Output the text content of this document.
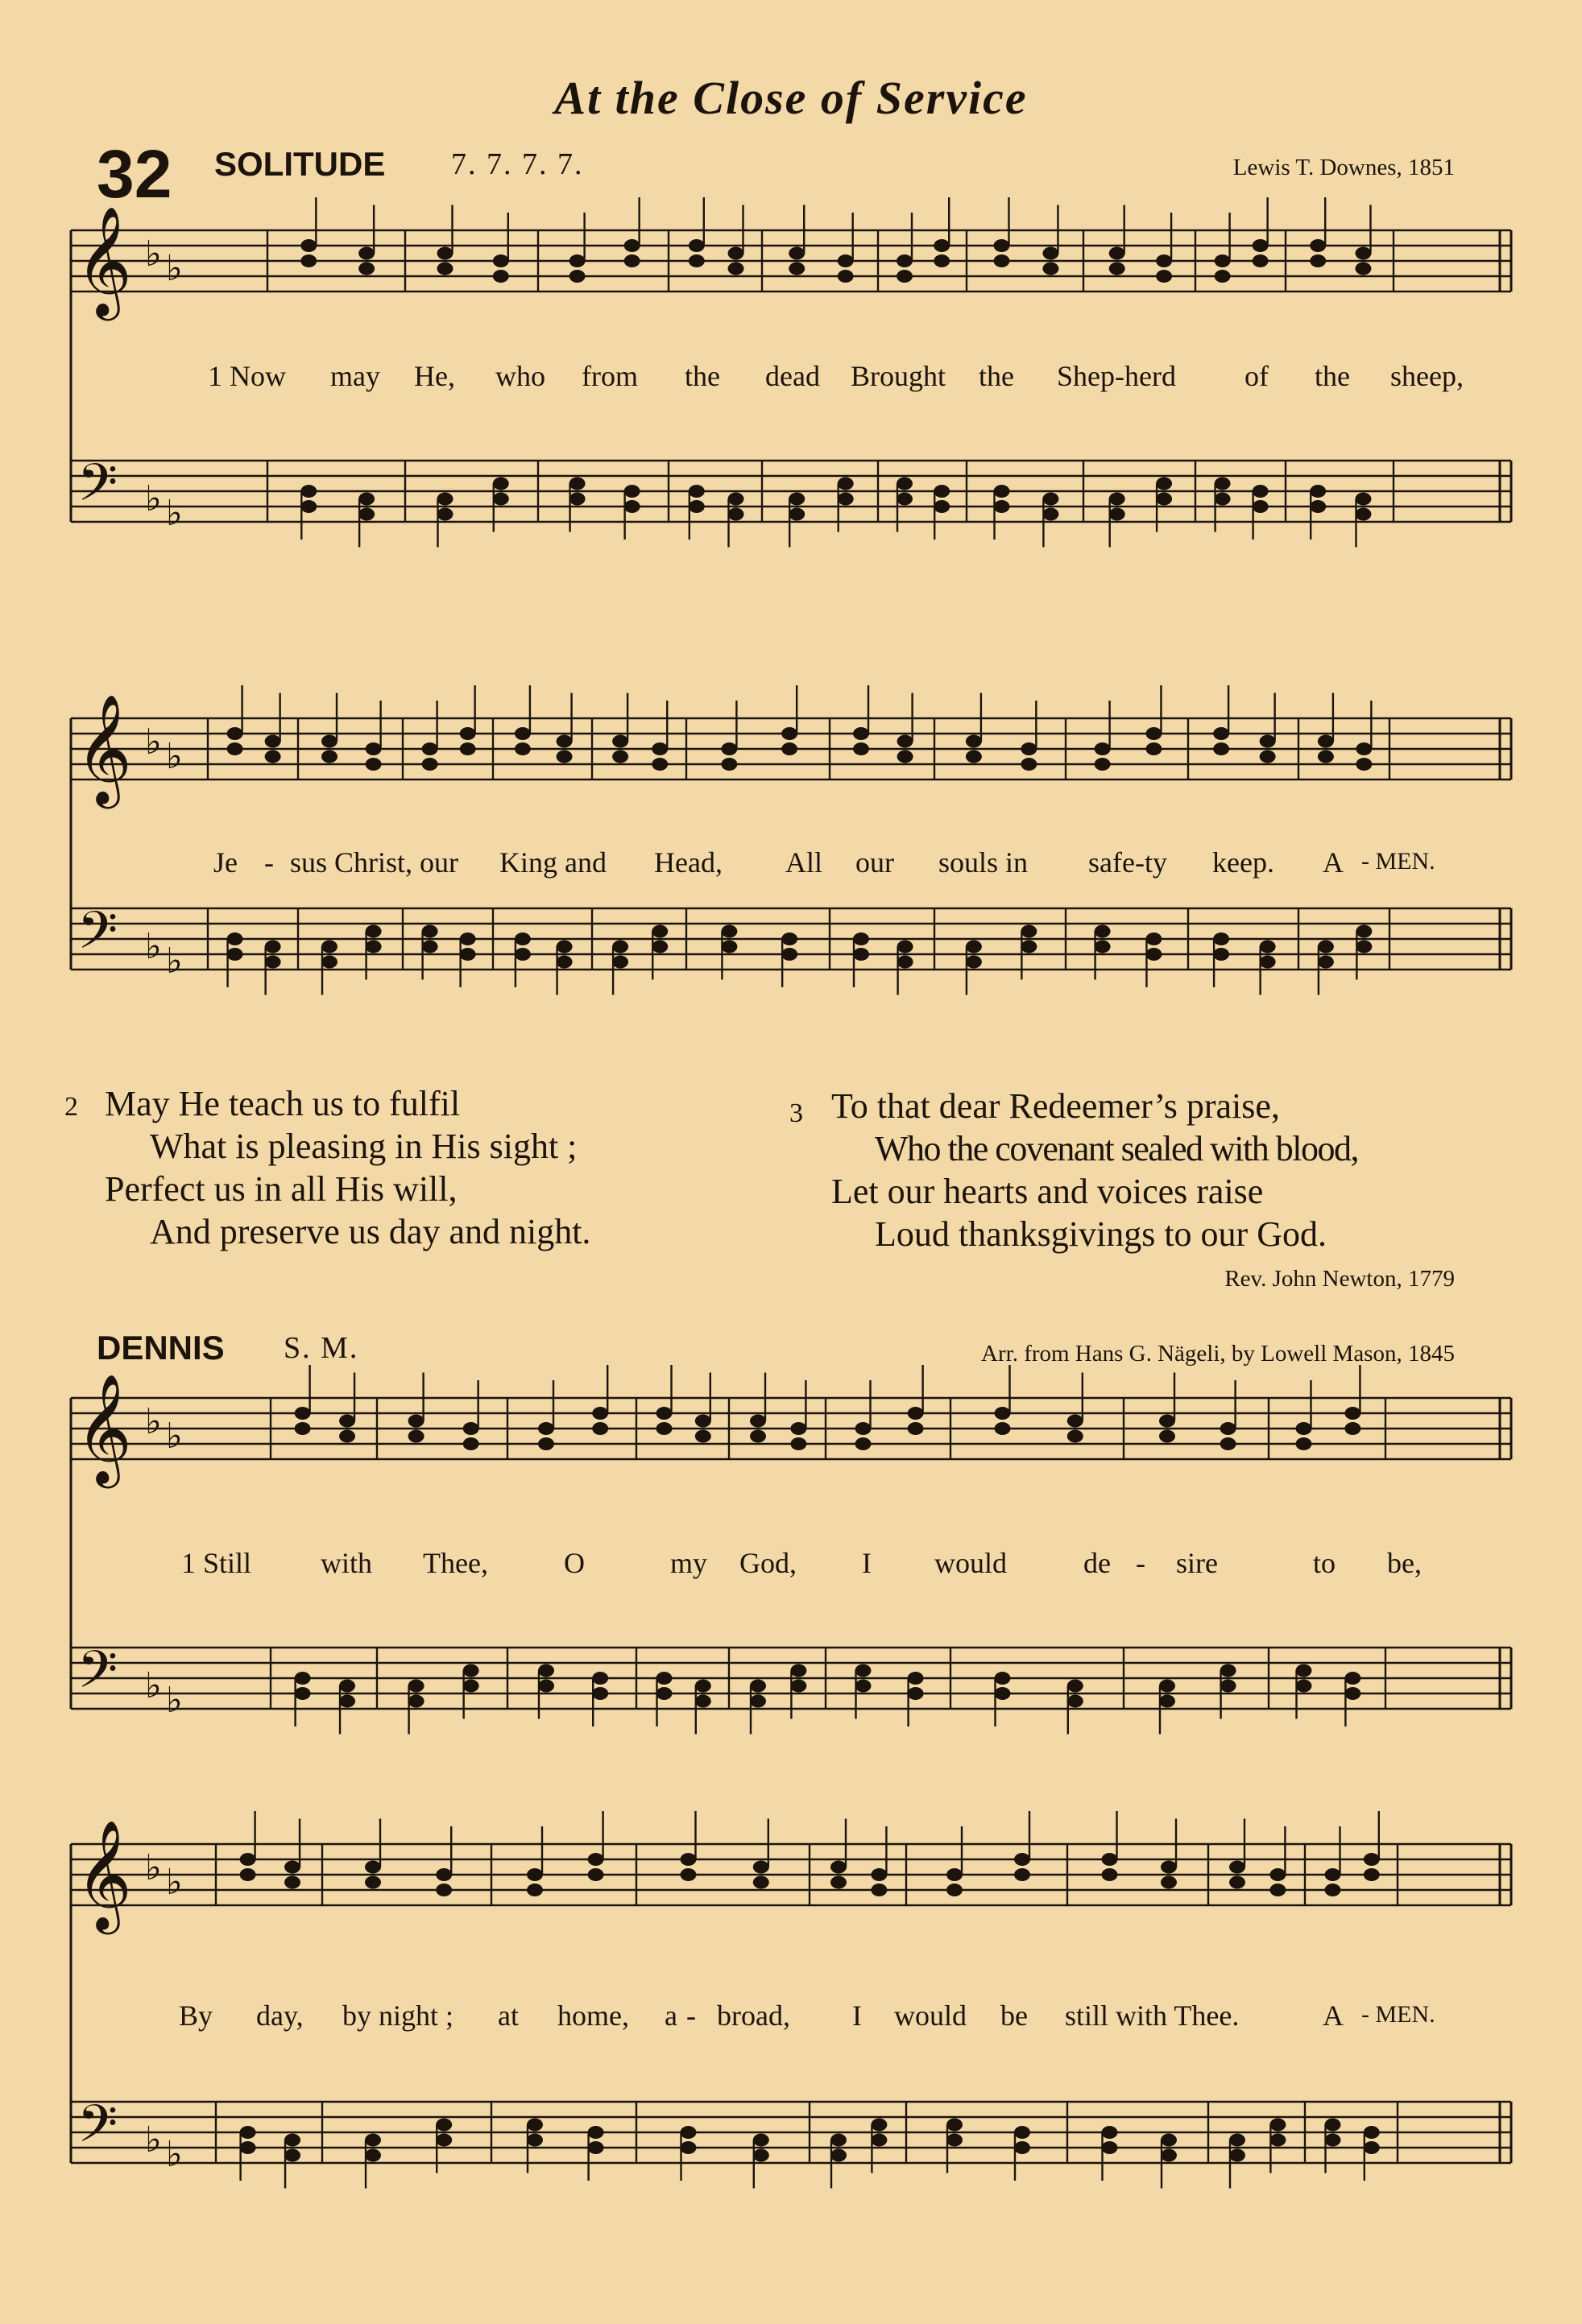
At the Close of Service
32 SOLITUDE 7. 7. 7. 7.	Lewis T. Downes, 1851
𝄞
𝄢
♭ ♭
♭ ♭
𝄞
𝄢
♭ ♭
♭ ♭
𝄞
𝄢
♭ ♭
♭ ♭
𝄞
𝄢
♭ ♭
♭ ♭
1 Now may He, who from the dead Brought the Shep-herd of the sheep,
Je - sus Christ, our King and Head, All our souls in safe-ty keep. A - MEN.
2 May He teach us to fulfil
What is pleasing in His sight ;
Perfect us in all His will,
And preserve us day and night.
3 To that dear Redeemer’s praise,
Who the covenant sealed with blood,
Let our hearts and voices raise
Loud thanksgivings to our God.
Rev. John Newton, 1779
DENNIS S. M.	Arr. from Hans G. Nägeli, by Lowell Mason, 1845
1 Still with Thee,	O	my God, I would	de - sire	to be,
By day, by night ; at home, a - broad, I would be still with Thee.	A - MEN.
